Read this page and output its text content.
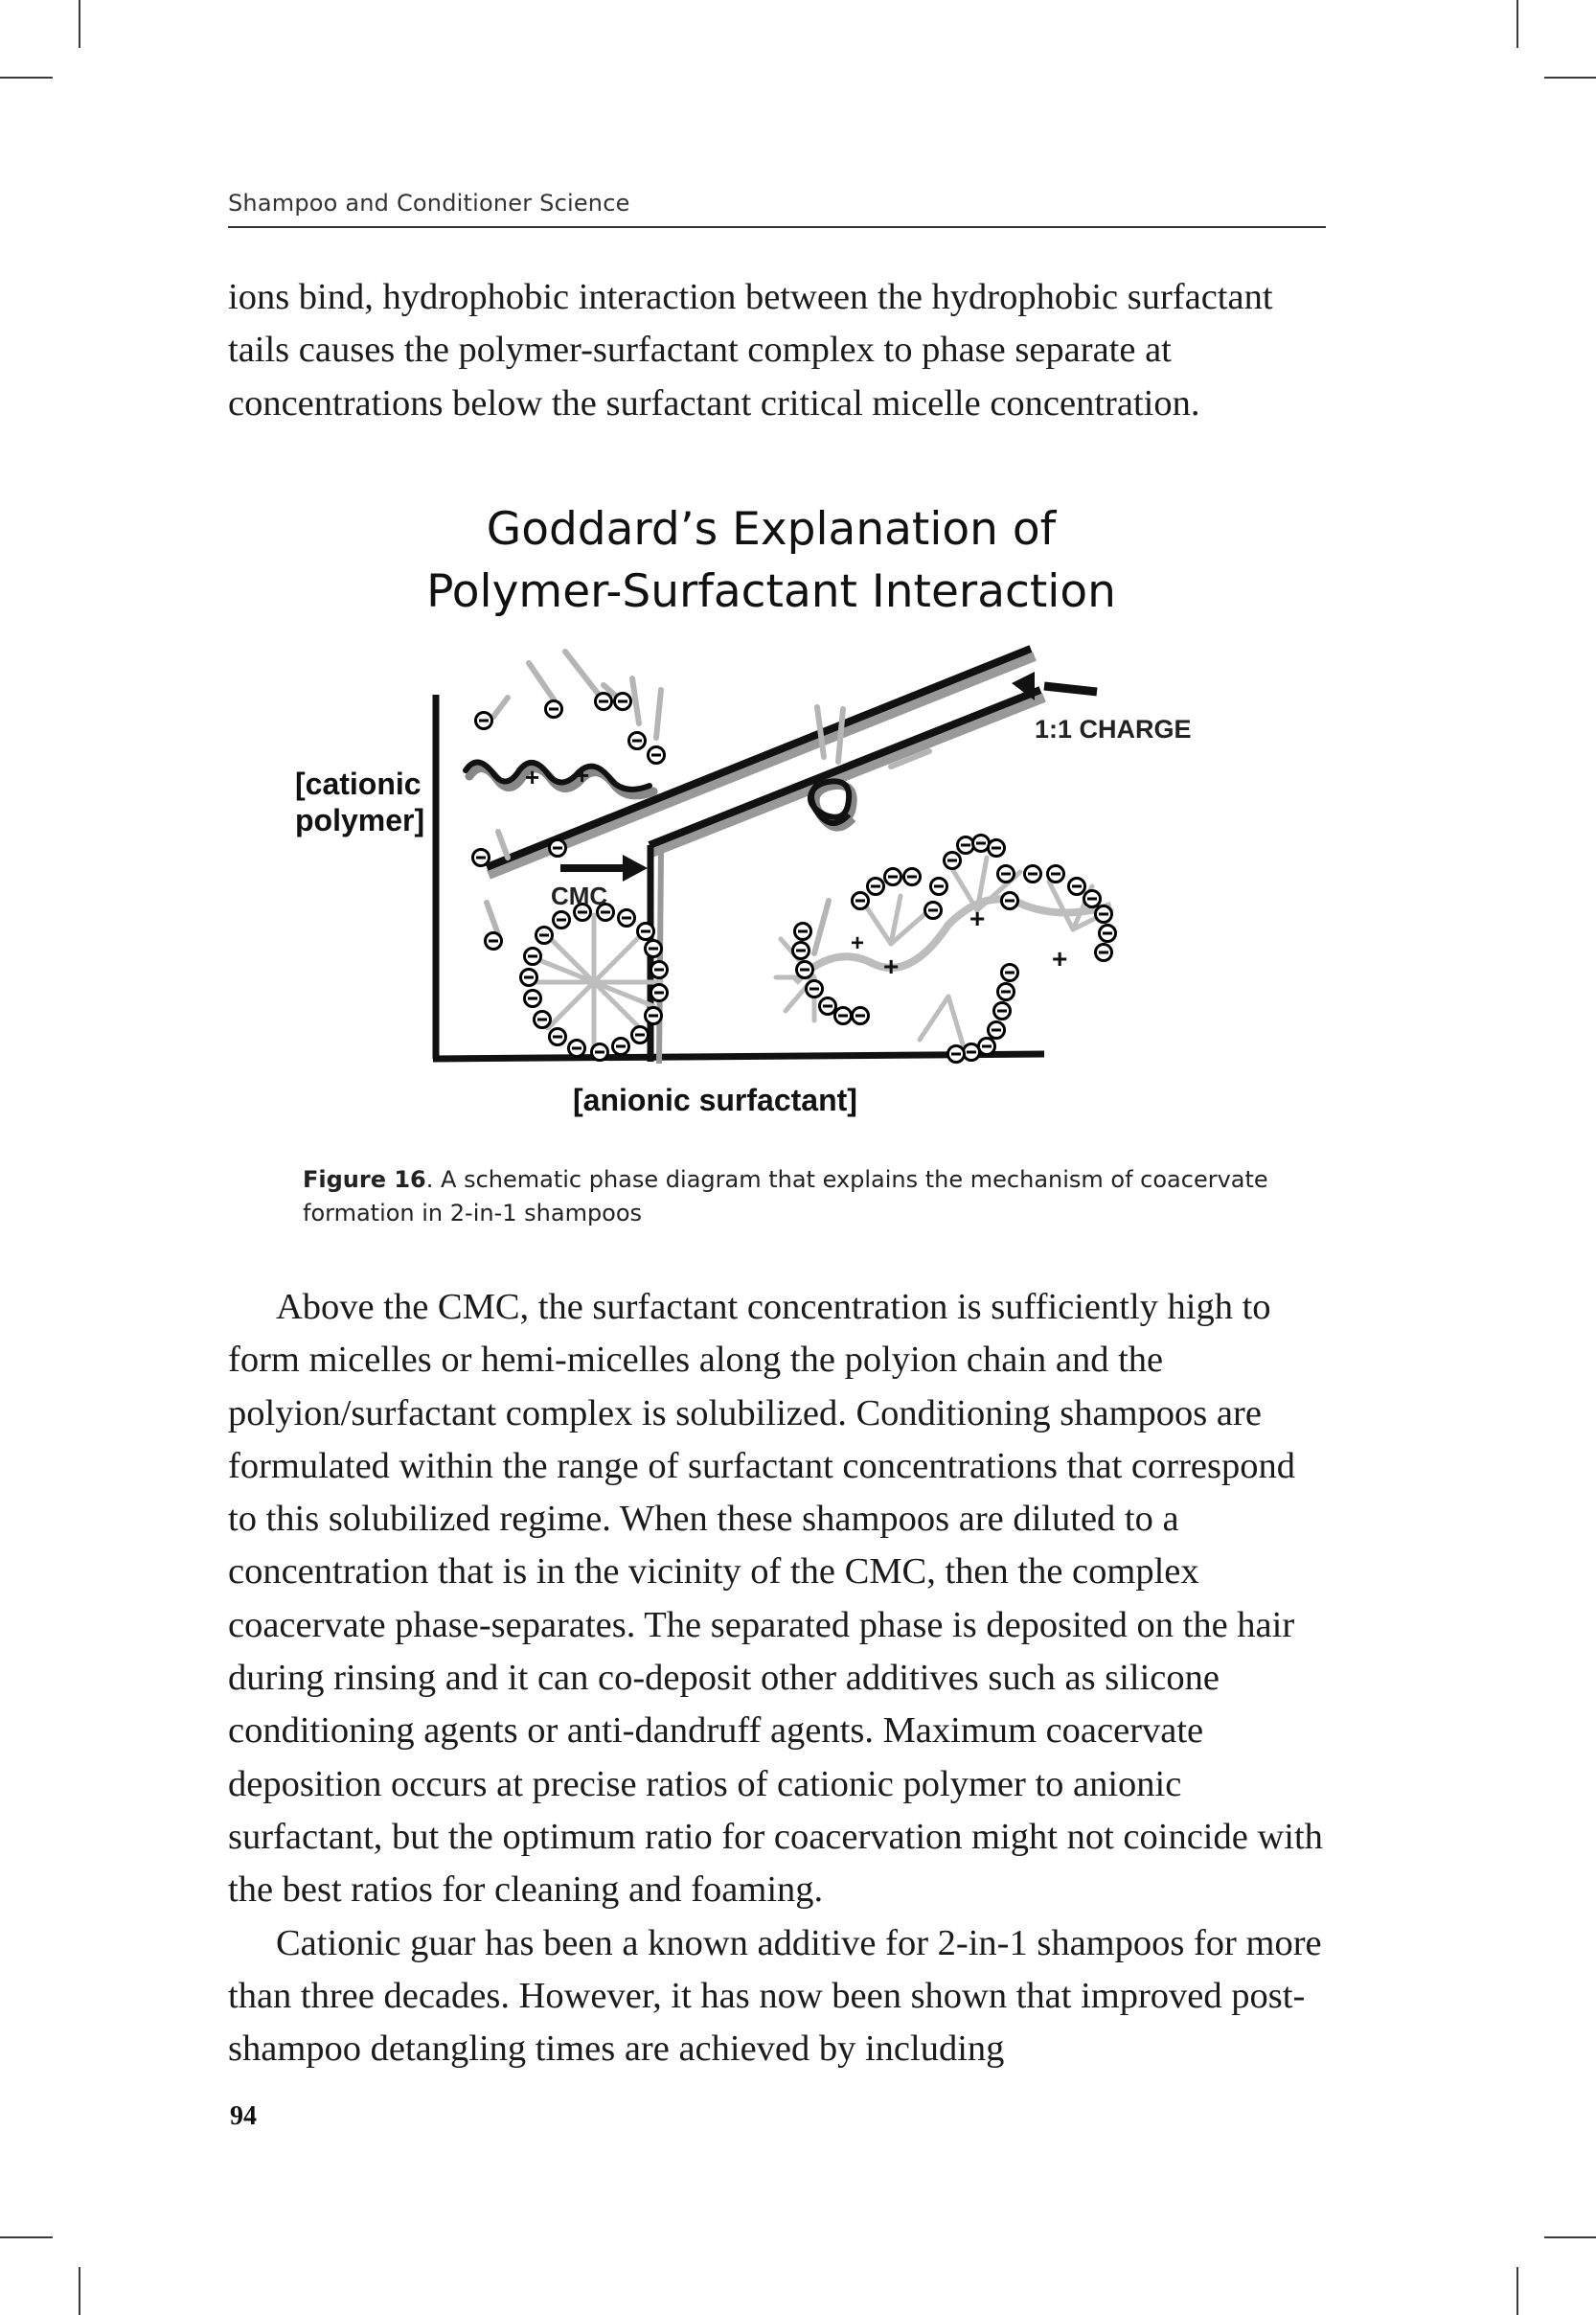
Shampoo and Conditioner Science

ions bind, hydrophobic interaction between the hydrophobic surfactant tails causes the polymer-surfactant complex to phase separate at concentrations below the surfactant critical micelle concentration.

Goddard’s Explanation of
Polymer-Surfactant Interaction
+ +
+
+
+
+
[cationic
polymer]
[anionic surfactant]
1:1 CHARGE
CMC
Figure 16. A schematic phase diagram that explains the mechanism of coacervate formation in 2-in-1 shampoos

Above the CMC, the surfactant concentration is sufficiently high to form micelles or hemi-micelles along the polyion chain and the polyion/surfactant complex is solubilized. Conditioning shampoos are formulated within the range of surfactant concentrations that correspond to this solubilized regime. When these shampoos are diluted to a concentration that is in the vicinity of the CMC, then the complex coacervate phase-separates. The separated phase is deposited on the hair during rinsing and it can co-deposit other additives such as silicone conditioning agents or anti-dandruff agents. Maximum coacervate deposition occurs at precise ratios of cationic polymer to anionic surfactant, but the optimum ratio for coacervation might not coincide with the best ratios for cleaning and foaming.

Cationic guar has been a known additive for 2-in-1 shampoos for more than three decades. However, it has now been shown that improved post-shampoo detangling times are achieved by including

94
